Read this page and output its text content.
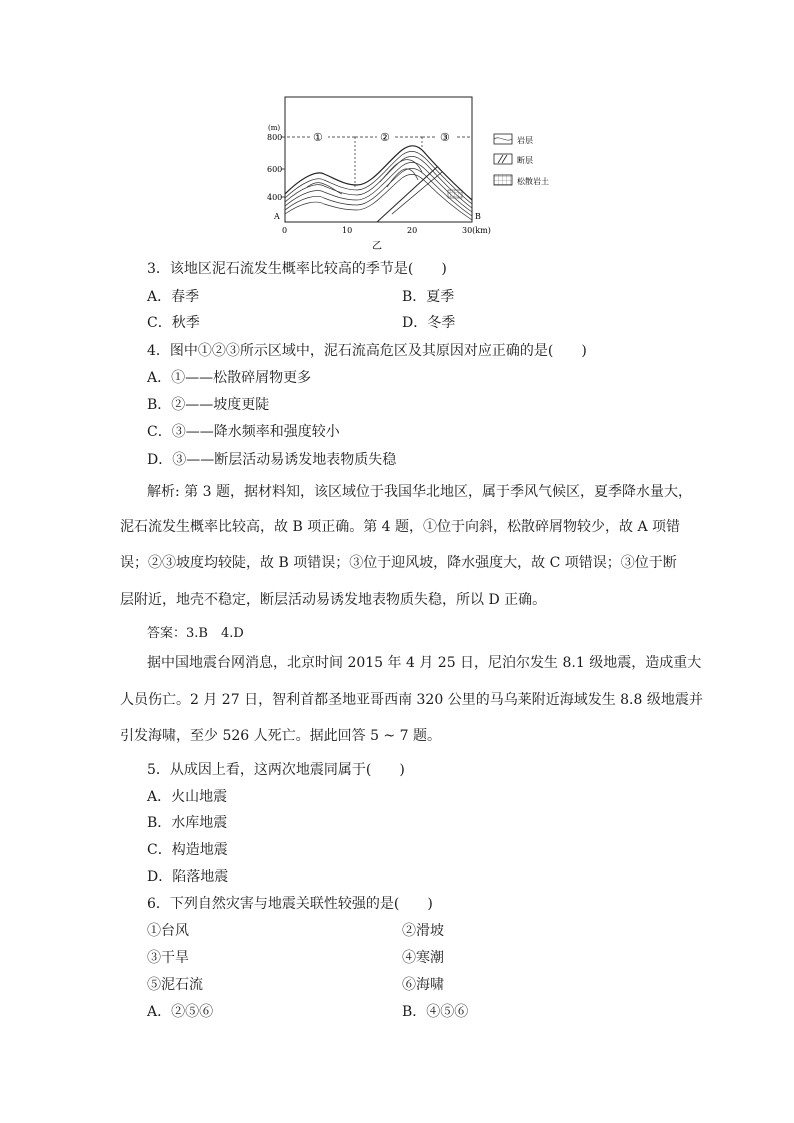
(m)
800
600
400
A	B
0	10	20	30(km)
乙
①	②	③	岩层
断层
松散岩土
3．该地区泥石流发生概率比较高的季节是(　　)
A．春季	B．夏季
C．秋季	D．冬季
4．图中①②③所示区域中，泥石流高危区及其原因对应正确的是(　　)
A．①——松散碎屑物更多
B．②——坡度更陡
C．③——降水频率和强度较小
D．③——断层活动易诱发地表物质失稳
解析: 第 3 题，据材料知，该区域位于我国华北地区，属于季风气候区，夏季降水量大，
泥石流发生概率比较高，故 B 项正确。第 4 题，①位于向斜，松散碎屑物较少，故 A 项错
误；②③坡度均较陡，故 B 项错误；③位于迎风坡，降水强度大，故 C 项错误；③位于断
层附近，地壳不稳定，断层活动易诱发地表物质失稳，所以 D 正确。
答案：3.B　4.D
据中国地震台网消息，北京时间 2015 年 4 月 25 日，尼泊尔发生 8.1 级地震，造成重大
人员伤亡。2 月 27 日，智利首都圣地亚哥西南 320 公里的马乌莱附近海域发生 8.8 级地震并
引发海啸，至少 526 人死亡。据此回答 5 ~ 7 题。
5．从成因上看，这两次地震同属于(　　)
A．火山地震
B．水库地震
C．构造地震
D．陷落地震
6．下列自然灾害与地震关联性较强的是(　　)
①台风	②滑坡
③干旱	④寒潮
⑤泥石流	⑥海啸
A．②⑤⑥	B．④⑤⑥
